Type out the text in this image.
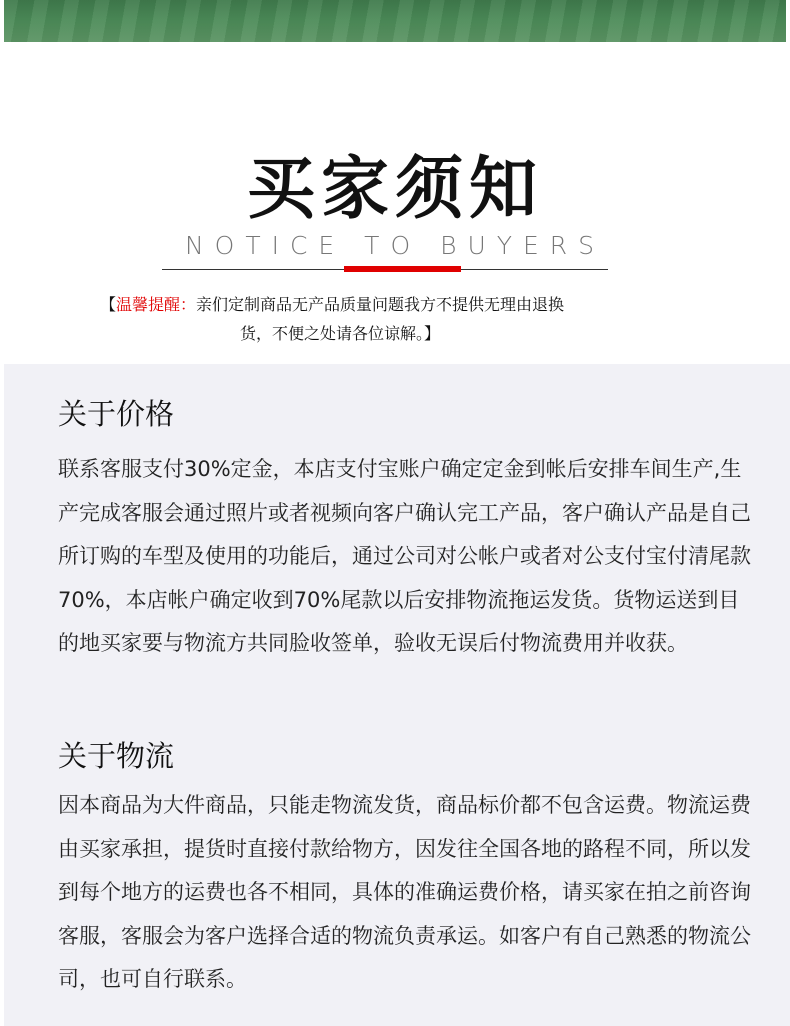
买家须知
NOTICE TO BUYERS
【温馨提醒：亲们定制商品无产品质量问题我方不提供无理由退换
货，不便之处请各位谅解。】
关于价格
联系客服支付30%定金，本店支付宝账户确定定金到帐后安排车间生产,生产完成客服会通过照片或者视频向客户确认完工产品，客户确认产品是自己所订购的车型及使用的功能后，通过公司对公帐户或者对公支付宝付清尾款70%，本店帐户确定收到70%尾款以后安排物流拖运发货。货物运送到目的地买家要与物流方共同脸收签单，验收无误后付物流费用并收获。
关于物流
因本商品为大件商品，只能走物流发货，商品标价都不包含运费。物流运费由买家承担，提货时直接付款给物方，因发往全国各地的路程不同，所以发到每个地方的运费也各不相同，具体的准确运费价格，请买家在拍之前咨询客服，客服会为客户选择合适的物流负责承运。如客户有自己熟悉的物流公司，也可自行联系。
